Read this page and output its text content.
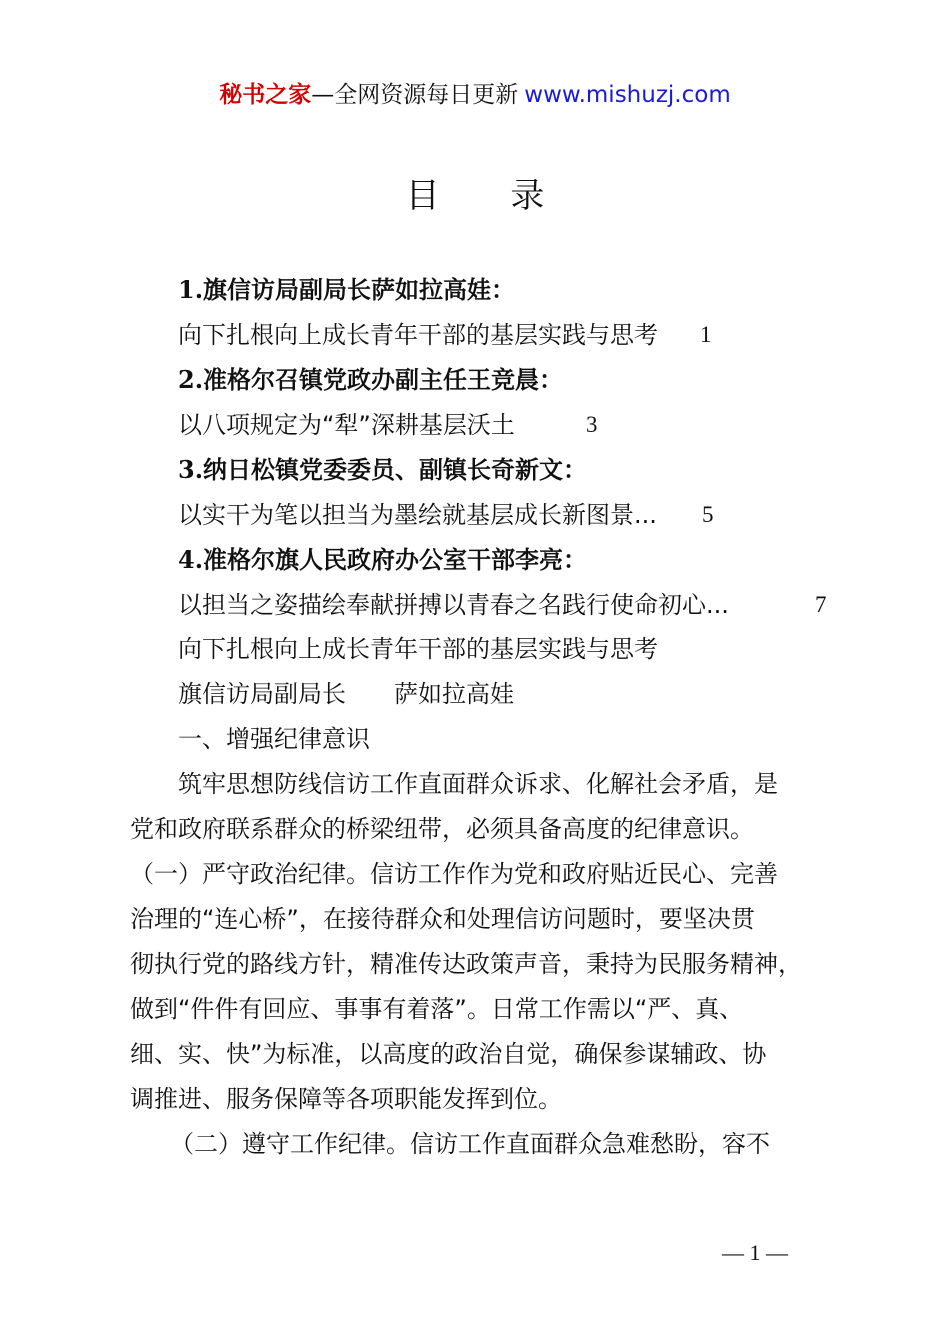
秘书之家—全网资源每日更新 www.mishuzj.com
目 录
1.旗信访局副局长萨如拉高娃：
向下扎根向上成长青年干部的基层实践与思考 1
2.准格尔召镇党政办副主任王竞晨：
以八项规定为“犁”深耕基层沃土	3
3.纳日松镇党委委员、副镇长奇新文：
以实干为笔以担当为墨绘就基层成长新图景... 5
4.准格尔旗人民政府办公室干部李亮：
以担当之姿描绘奉献拼搏以青春之名践行使命初心...	7
向下扎根向上成长青年干部的基层实践与思考
旗信访局副局长　　萨如拉高娃
一、增强纪律意识
筑牢思想防线信访工作直面群众诉求、化解社会矛盾，是
党和政府联系群众的桥梁纽带，必须具备高度的纪律意识。
（一）严守政治纪律。信访工作作为党和政府贴近民心、完善
治理的“连心桥”，在接待群众和处理信访问题时，要坚决贯
彻执行党的路线方针，精准传达政策声音，秉持为民服务精神，
做到“件件有回应、事事有着落”。日常工作需以“严、真、
细、实、快”为标准，以高度的政治自觉，确保参谋辅政、协
调推进、服务保障等各项职能发挥到位。
（二）遵守工作纪律。信访工作直面群众急难愁盼，容不
— 1 —
